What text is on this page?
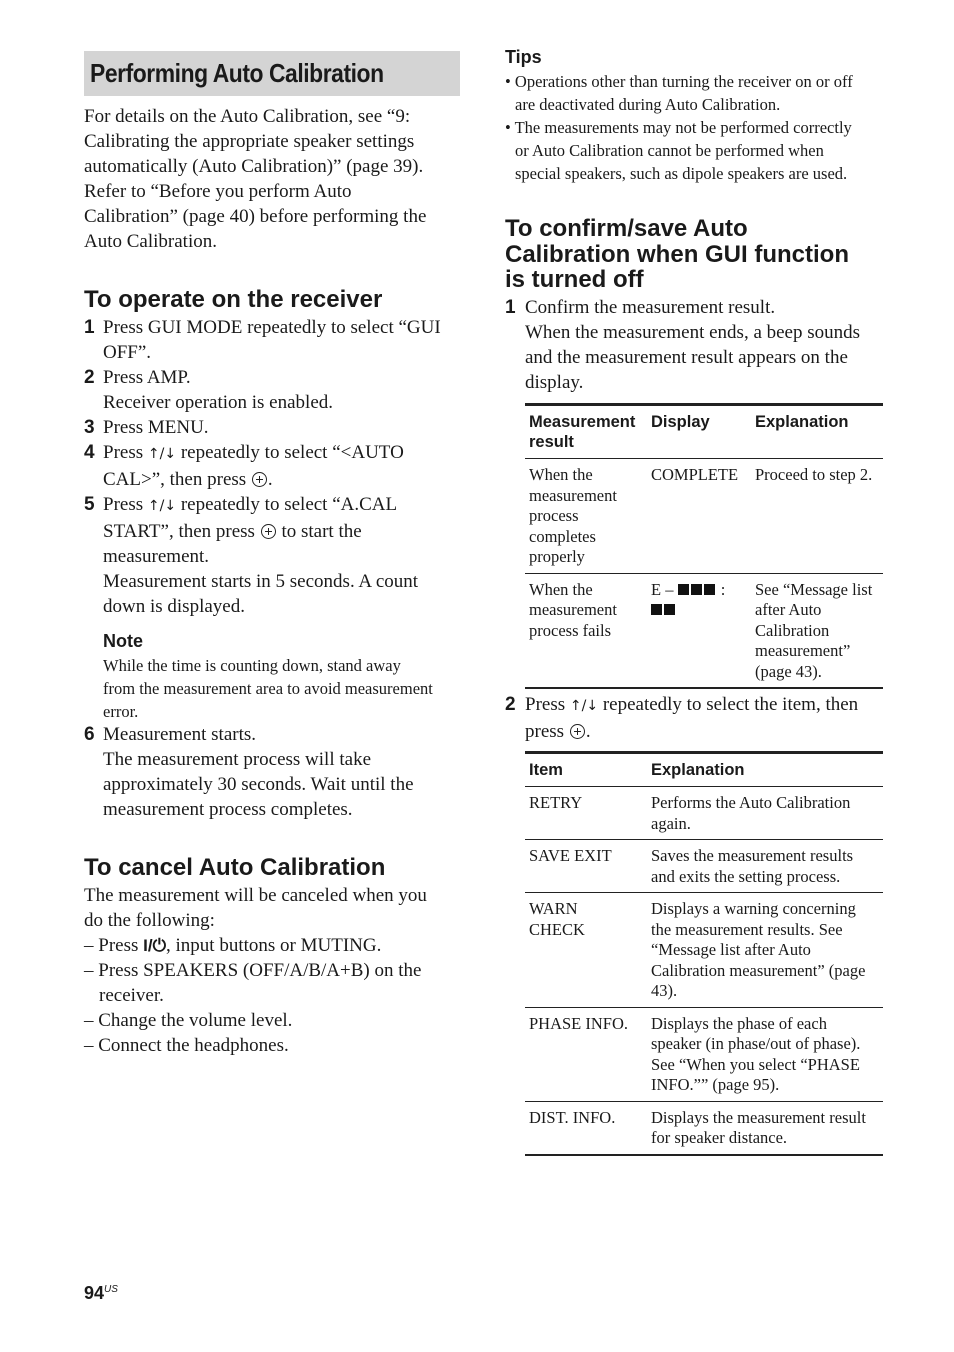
Performing Auto Calibration
For details on the Auto Calibration, see “9:
Calibrating the appropriate speaker settings
automatically (Auto Calibration)” (page 39).
Refer to “Before you perform Auto
Calibration” (page 40) before performing the
Auto Calibration.
To operate on the receiver
1 Press GUI MODE repeatedly to select “GUI
OFF”.
2 Press AMP.
Receiver operation is enabled.
3 Press MENU.
4 Press ↑/↓ repeatedly to select “<AUTO
CAL>”, then press .
5 Press ↑/↓ repeatedly to select “A.CAL
START”, then press  to start the
measurement.
Measurement starts in 5 seconds. A count
down is displayed.
Note
While the time is counting down, stand away
from the measurement area to avoid measurement
error.
6 Measurement starts.
The measurement process will take
approximately 30 seconds. Wait until the
measurement process completes.
To cancel Auto Calibration
The measurement will be canceled when you
do the following:
– Press I/⏻, input buttons or MUTING.
– Press SPEAKERS (OFF/A/B/A+B) on the
receiver.
– Change the volume level.
– Connect the headphones.
Tips
• Operations other than turning the receiver on or off
are deactivated during Auto Calibration.
• The measurements may not be performed correctly
or Auto Calibration cannot be performed when
special speakers, such as dipole speakers are used.
To confirm/save Auto
Calibration when GUI function
is turned off
1 Confirm the measurement result.
When the measurement ends, a beep sounds
and the measurement result appears on the
display.
Measurement result	Display	Explanation
When the measurement process completes properly	COMPLETE	Proceed to step 2.
When the measurement process fails	E – :	See “Message list after Auto Calibration measurement” (page 43).
2 Press ↑/↓ repeatedly to select the item, then
press .
Item	Explanation
RETRY	Performs the Auto Calibration again.
SAVE EXIT	Saves the measurement results and exits the setting process.
WARN CHECK	Displays a warning concerning the measurement results. See “Message list after Auto Calibration measurement” (page 43).
PHASE INFO.	Displays the phase of each speaker (in phase/out of phase). See “When you select “PHASE INFO.”” (page 95).
DIST. INFO.	Displays the measurement result for speaker distance.
$94^{US}$
